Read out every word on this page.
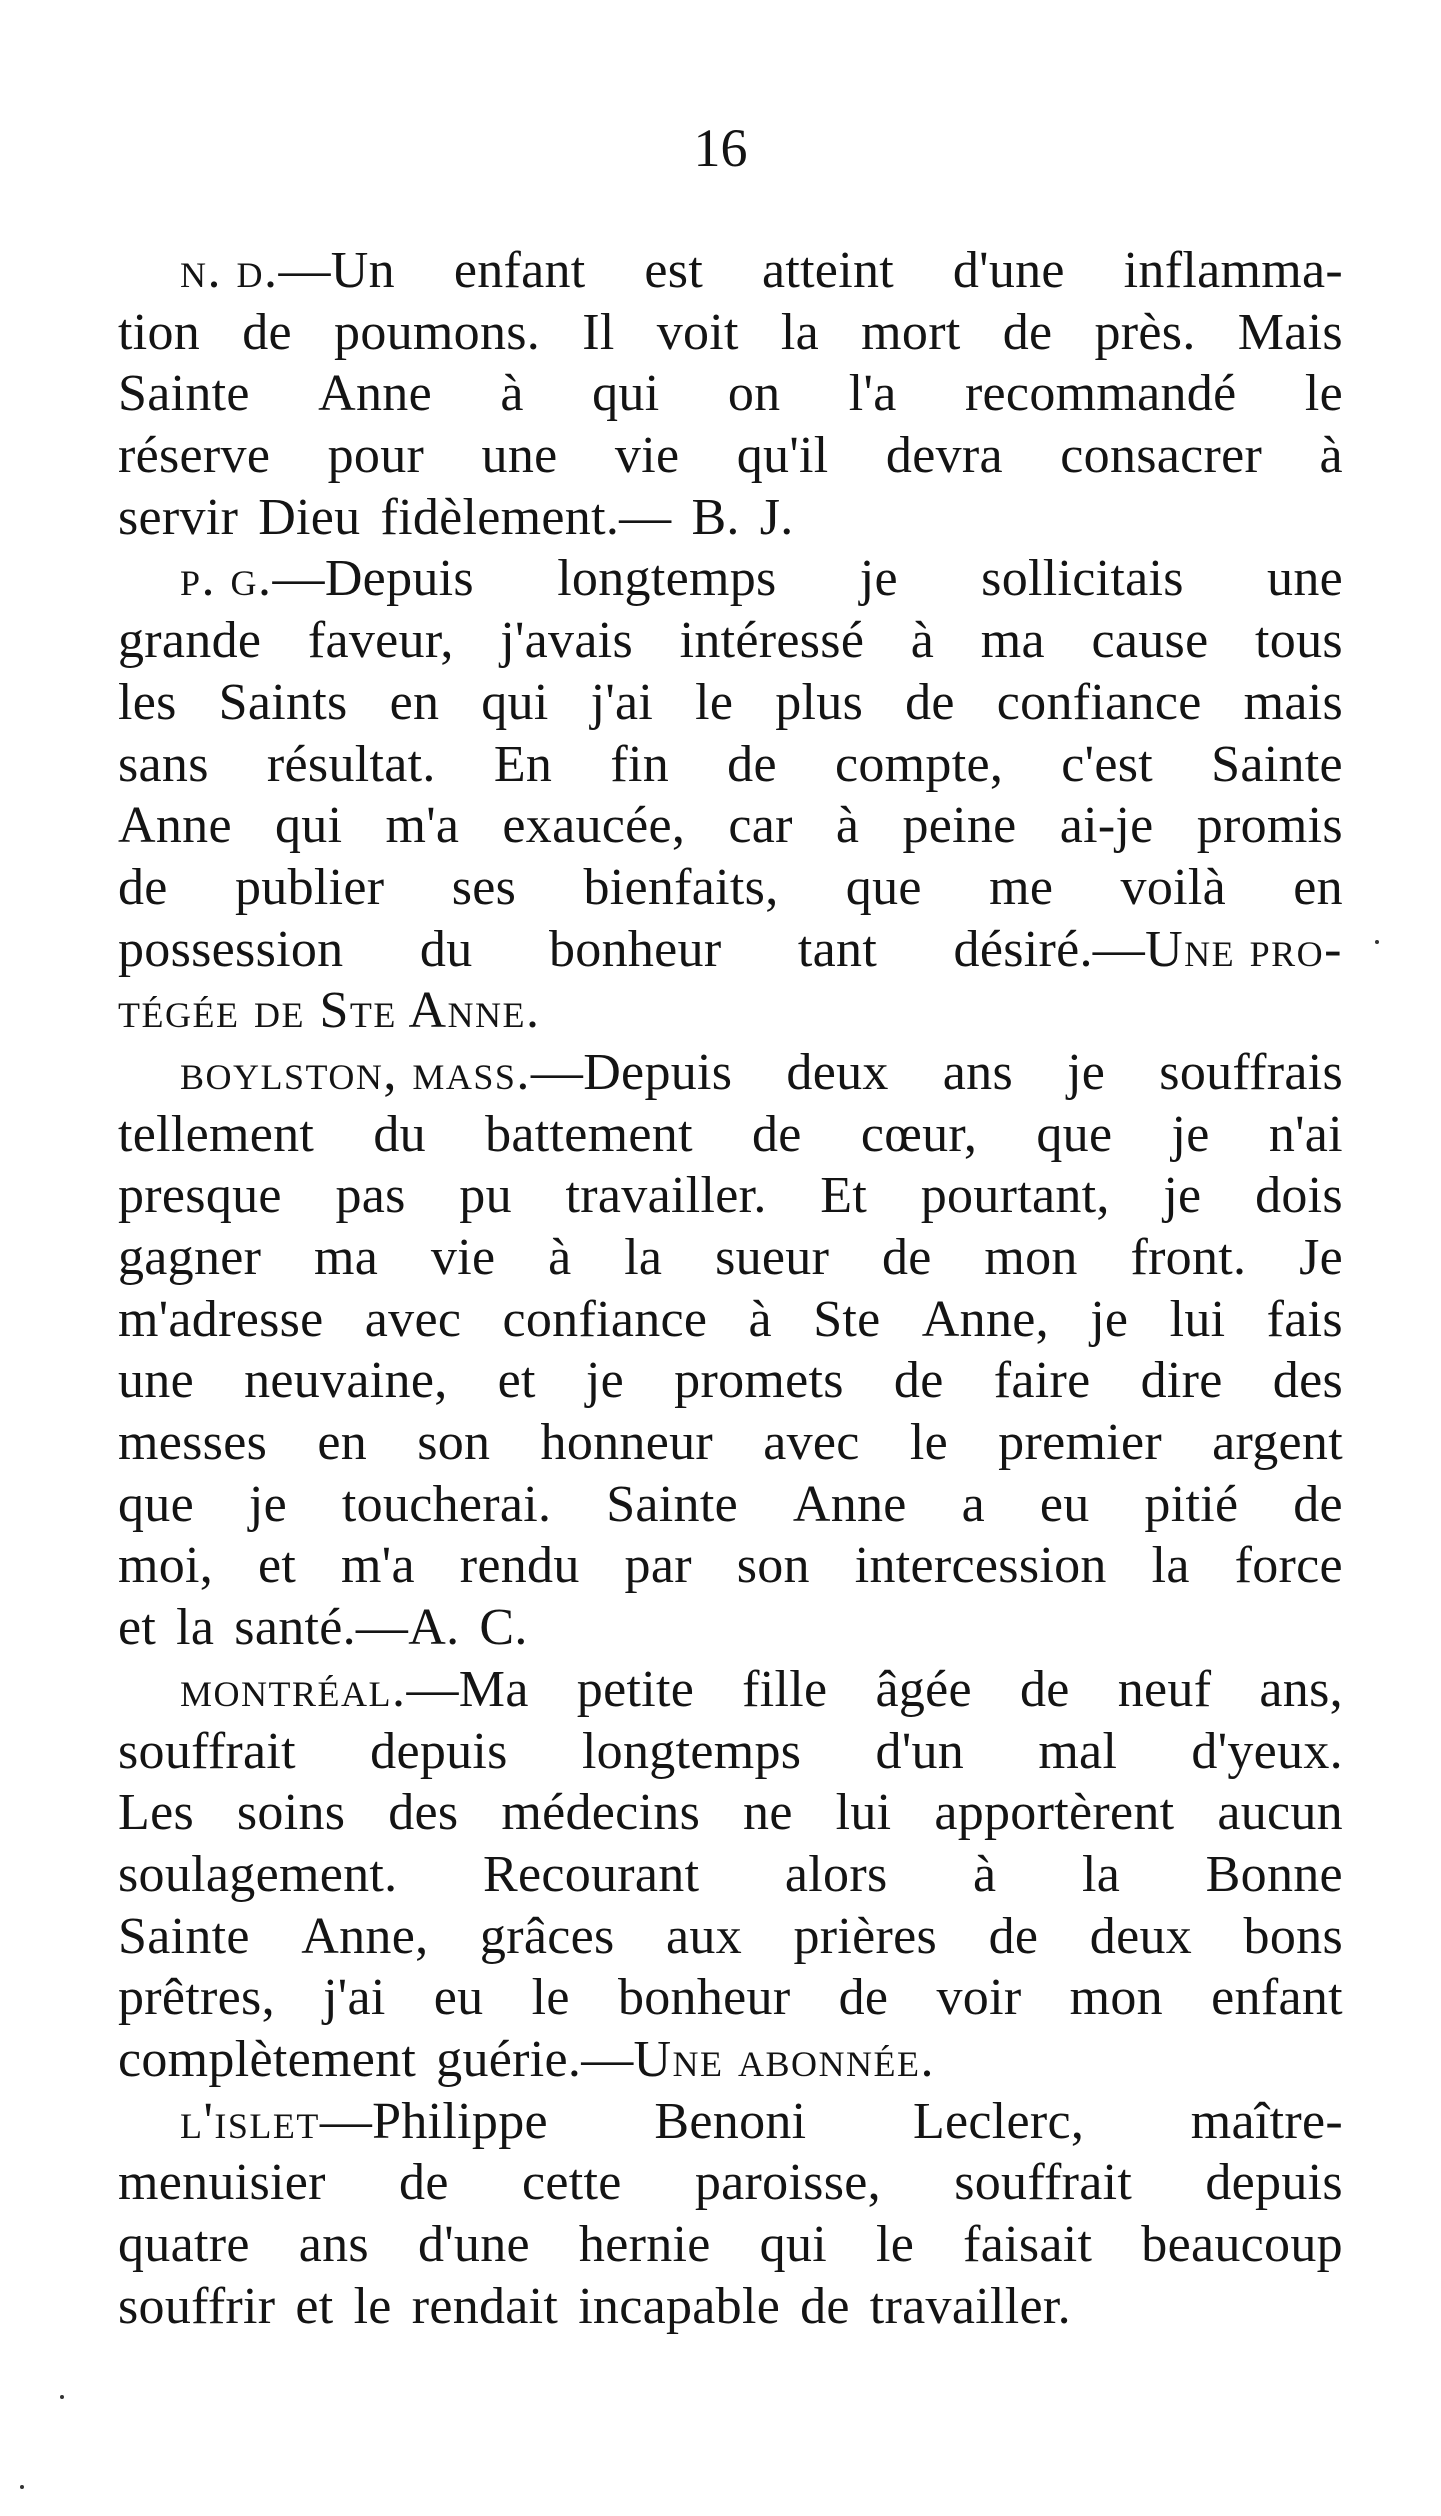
16
n. d.—Un enfant est atteint d'une inflamma-
tion de poumons. Il voit la mort de près. Mais
Sainte Anne à qui on l'a recommandé le
réserve pour une vie qu'il devra consacrer à
servir Dieu fidèlement.— B. J.
p. g.—Depuis longtemps je sollicitais une
grande faveur, j'avais intéressé à ma cause tous
les Saints en qui j'ai le plus de confiance mais
sans résultat. En fin de compte, c'est Sainte
Anne qui m'a exaucée, car à peine ai-je promis
de publier ses bienfaits, que me voilà en
possession du bonheur tant désiré.—Une pro-
tégée de Ste Anne.
boylston, mass.—Depuis deux ans je souffrais
tellement du battement de cœur, que je n'ai
presque pas pu travailler. Et pourtant, je dois
gagner ma vie à la sueur de mon front. Je
m'adresse avec confiance à Ste Anne, je lui fais
une neuvaine, et je promets de faire dire des
messes en son honneur avec le premier argent
que je toucherai. Sainte Anne a eu pitié de
moi, et m'a rendu par son intercession la force
et la santé.—A. C.
montréal.—Ma petite fille âgée de neuf ans,
souffrait depuis longtemps d'un mal d'yeux.
Les soins des médecins ne lui apportèrent aucun
soulagement. Recourant alors à la Bonne
Sainte Anne, grâces aux prières de deux bons
prêtres, j'ai eu le bonheur de voir mon enfant
complètement guérie.—Une abonnée.
l'islet—Philippe Benoni Leclerc, maître-
menuisier de cette paroisse, souffrait depuis
quatre ans d'une hernie qui le faisait beaucoup
souffrir et le rendait incapable de travailler.
